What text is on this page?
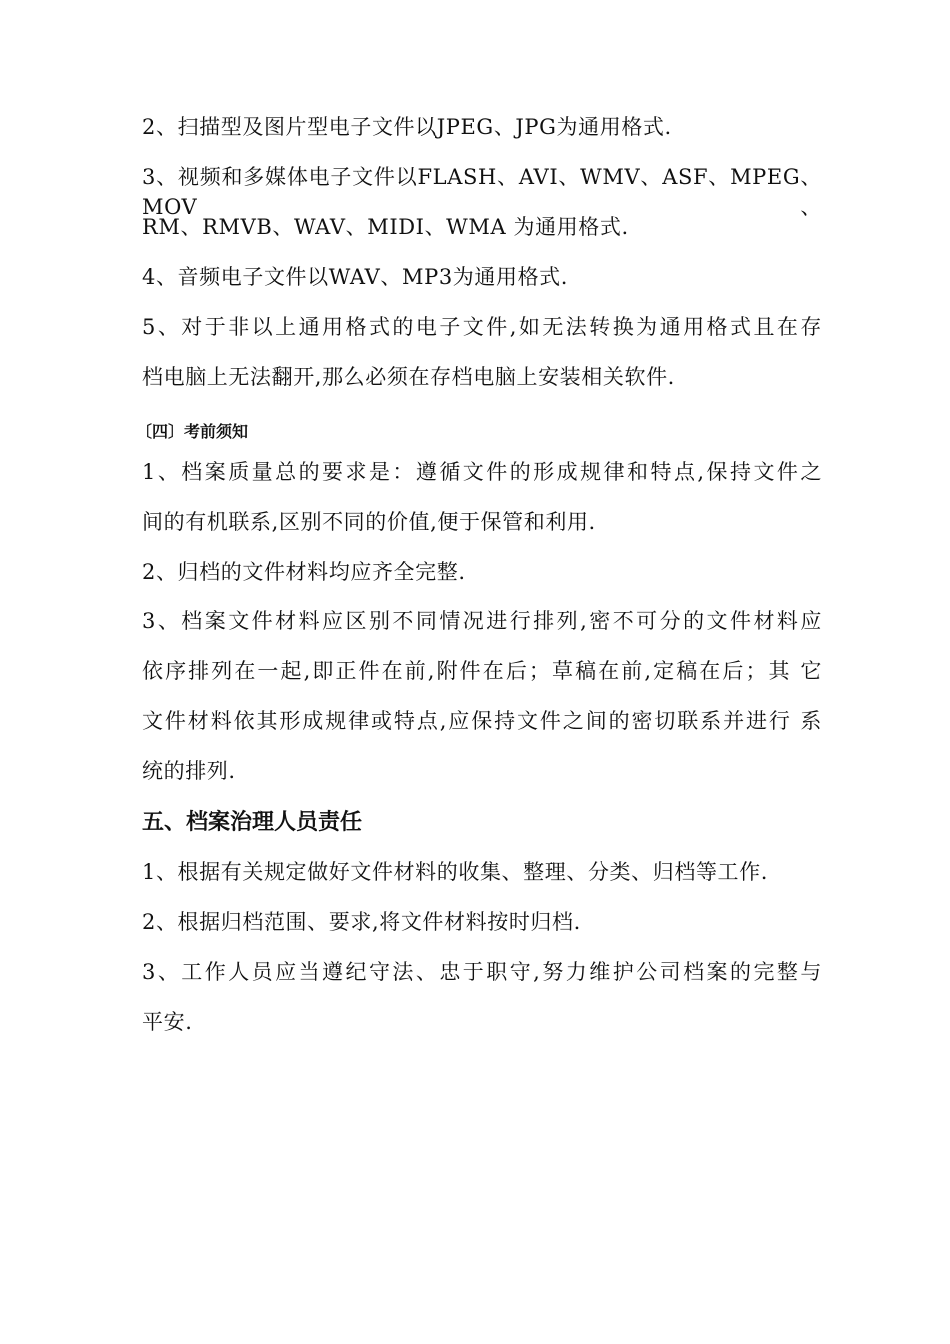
2、扫描型及图片型电子文件以JPEG、JPG为通用格式.
3、视频和多媒体电子文件以FLASH、AVI、WMV、ASF、MPEG、MOV、
RM、RMVB、WAV、MIDI、WMA 为通用格式.
4、音频电子文件以WAV、MP3为通用格式.
5、对于非以上通用格式的电子文件,如无法转换为通用格式且在存
档电脑上无法翻开,那么必须在存档电脑上安装相关软件.
〔四〕考前须知
1、档案质量总的要求是：遵循文件的形成规律和特点,保持文件之
间的有机联系,区别不同的价值,便于保管和利用.
2、归档的文件材料均应齐全完整.
3、档案文件材料应区别不同情况进行排列,密不可分的文件材料应
依序排列在一起,即正件在前,附件在后；草稿在前,定稿在后；其 它
文件材料依其形成规律或特点,应保持文件之间的密切联系并进行 系
统的排列.
五、档案治理人员责任
1、根据有关规定做好文件材料的收集、整理、分类、归档等工作.
2、根据归档范围、要求,将文件材料按时归档.
3、工作人员应当遵纪守法、忠于职守,努力维护公司档案的完整与
平安.
